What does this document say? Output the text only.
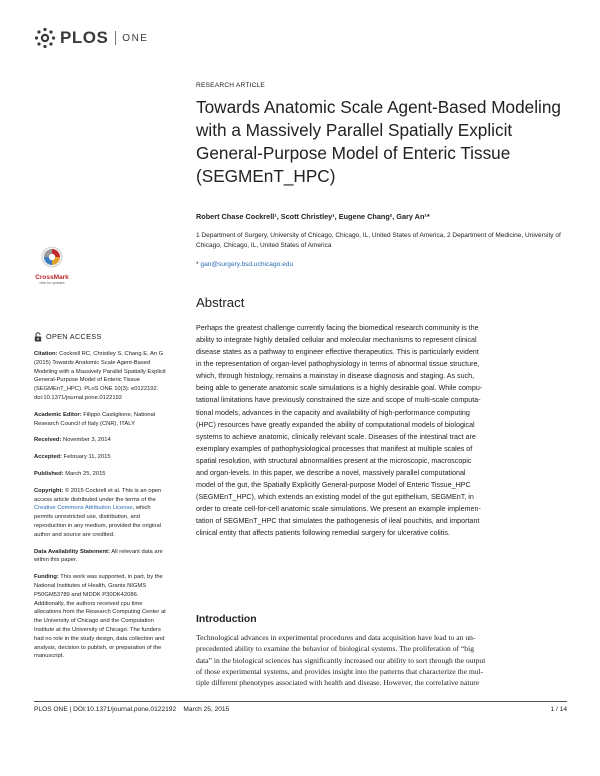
PLOS ONE
CrossMark
click for updates
OPEN ACCESS
Citation: Cockrell RC, Christley S, Chang E, An G (2015) Towards Anatomic Scale Agent-Based Modeling with a Massively Parallel Spatially Explicit General-Purpose Model of Enteric Tissue (SEGMEnT_HPC). PLoS ONE 10(3): e0122192. doi:10.1371/journal.pone.0122192
Academic Editor: Filippo Castiglione, National Research Council of Italy (CNR), ITALY
Received: November 3, 2014
Accepted: February 11, 2015
Published: March 25, 2015
Copyright: © 2015 Cockrell et al. This is an open access article distributed under the terms of the Creative Commons Attribution License, which permits unrestricted use, distribution, and reproduction in any medium, provided the original author and source are credited.
Data Availability Statement: All relevant data are within this paper.
Funding: This work was supported, in part, by the National Institutes of Health, Grants NIGMS P50GM53789 and NIDDK P30DK42086. Additionally, the authors received cpu time allocations from the Research Computing Center at the University of Chicago and the Computation Institute at the University of Chicago. The funders had no role in the study design, data collection and analysis, decision to publish, or preparation of the manuscript.
RESEARCH ARTICLE
Towards Anatomic Scale Agent-Based Modeling with a Massively Parallel Spatially Explicit General-Purpose Model of Enteric Tissue (SEGMEnT_HPC)
Robert Chase Cockrell¹, Scott Christley¹, Eugene Chang², Gary An¹*
1 Department of Surgery, University of Chicago, Chicago, IL, United States of America, 2 Department of Medicine, University of Chicago, Chicago, IL, United States of America
* gan@surgery.bsd.uchicago.edu
Abstract
Perhaps the greatest challenge currently facing the biomedical research community is the
ability to integrate highly detailed cellular and molecular mechanisms to represent clinical
disease states as a pathway to engineer effective therapeutics. This is particularly evident
in the representation of organ-level pathophysiology in terms of abnormal tissue structure,
which, through histology, remains a mainstay in disease diagnosis and staging. As such,
being able to generate anatomic scale simulations is a highly desirable goal. While compu-
tational limitations have previously constrained the size and scope of multi-scale computa-
tional models, advances in the capacity and availability of high-performance computing
(HPC) resources have greatly expanded the ability of computational models of biological
systems to achieve anatomic, clinically relevant scale. Diseases of the intestinal tract are
exemplary examples of pathophysiological processes that manifest at multiple scales of
spatial resolution, with structural abnormalities present at the microscopic, macroscopic
and organ-levels. In this paper, we describe a novel, massively parallel computational
model of the gut, the Spatially Explicitly General-purpose Model of Enteric Tissue_HPC
(SEGMEnT_HPC), which extends an existing model of the gut epithelium, SEGMEnT, in
order to create cell-for-cell anatomic scale simulations. We present an example implemen-
tation of SEGMEnT_HPC that simulates the pathogenesis of ileal pouchitis, and important
clinical entity that affects patients following remedial surgery for ulcerative colitis.
Introduction
Technological advances in experimental procedures and data acquisition have lead to an un-
precedented ability to examine the behavior of biological systems. The proliferation of “big
data” in the biological sciences has significantly increased our ability to sort through the output
of those experimental systems, and provides insight into the patterns that characterize the mul-
tiple different phenotypes associated with health and disease. However, the correlative nature
PLOS ONE | DOI:10.1371/journal.pone.0122192    March 25, 2015	1 / 14
